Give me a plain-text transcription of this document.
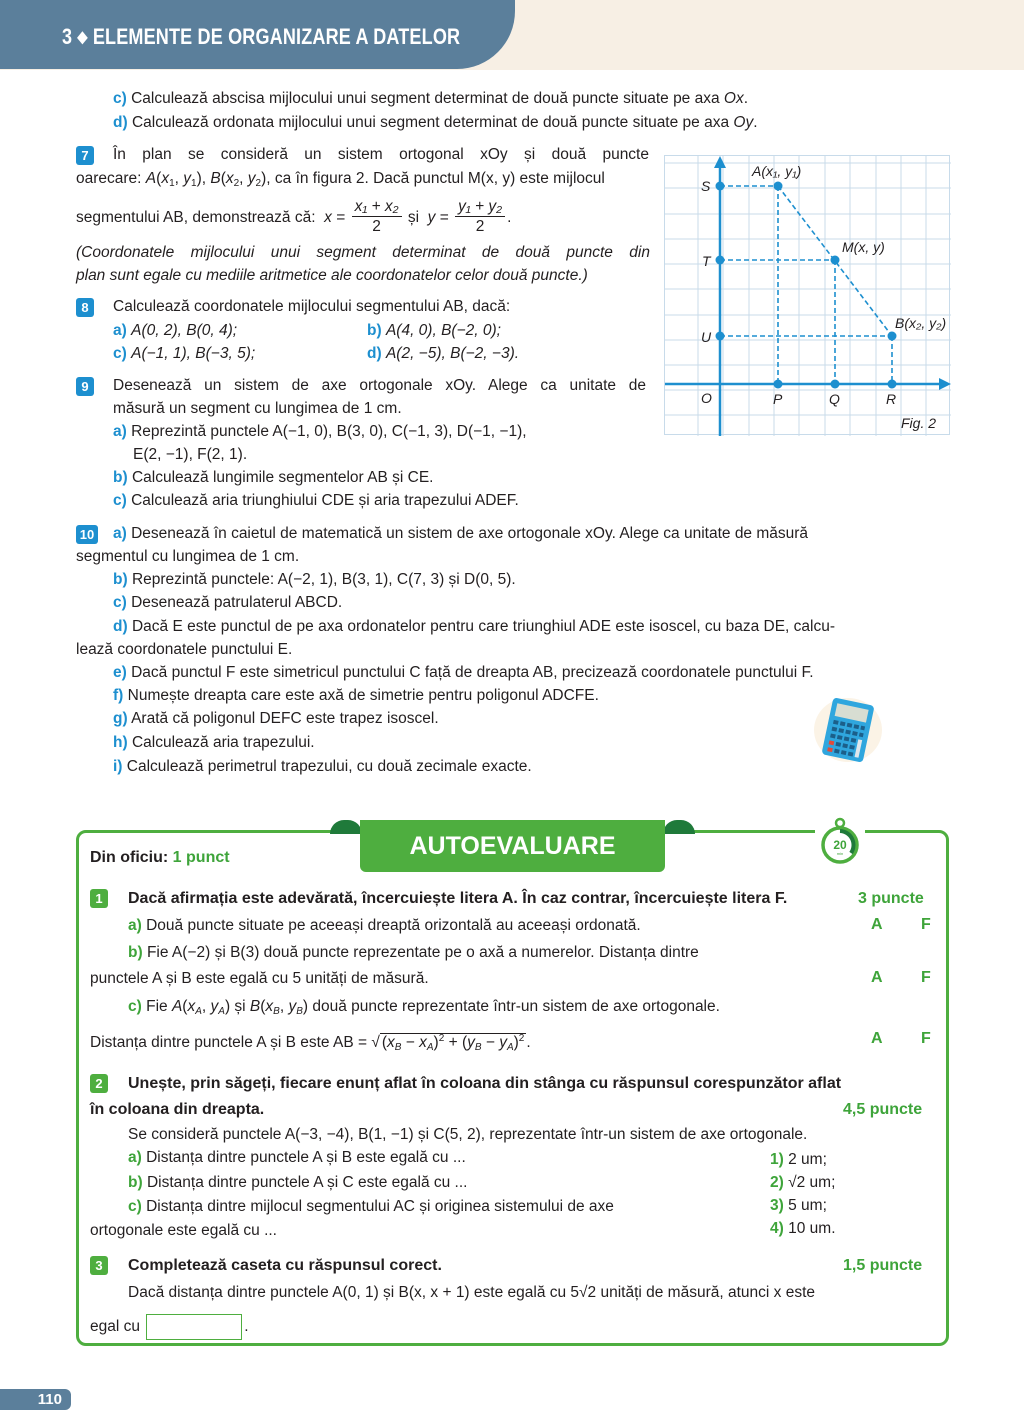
3 ◆ ELEMENTE DE ORGANIZARE A DATELOR
c) Calculează abscisa mijlocului unui segment determinat de două puncte situate pe axa Ox.
d) Calculează ordonata mijlocului unui segment determinat de două puncte situate pe axa Oy.
7	În plan se consideră un sistem ortogonal xOy și două puncte
oarecare: $A(x_1$, $y_1$), $B(x_2$, $y_2$), ca în figura 2. Dacă punctul M(x, y) este mijlocul
segmentului AB, demonstrează că:  $x = \frac{\text{x₁ + x₂}}{2}$ și  $y = \frac{\text{y₁ + y₂}}{2}$ .
(Coordonatele mijlocului unui segment determinat de două puncte din
plan sunt egale cu mediile aritmetice ale coordonatelor celor două puncte.)
S
T
U
O	P	Q	R
A(x₁, y₁)
M(x, y)
B(x₂, y₂)
Fig. 2
8	Calculează coordonatele mijlocului segmentului AB, dacă:
a) A(0, 2), B(0, 4);	b) A(4, 0), B(−2, 0);
c) A(−1, 1), B(−3, 5);	d) A(2, −5), B(−2, −3).
9	Desenează un sistem de axe ortogonale xOy. Alege ca unitate de
măsură un segment cu lungimea de 1 cm.
a) Reprezintă punctele A(−1, 0), B(3, 0), C(−1, 3), D(−1, −1),
E(2, −1), F(2, 1).
b) Calculează lungimile segmentelor AB și CE.
c) Calculează aria triunghiului CDE și aria trapezului ADEF.
10 a) Desenează în caietul de matematică un sistem de axe ortogonale xOy. Alege ca unitate de măsură
segmentul cu lungimea de 1 cm.
b) Reprezintă punctele: A(−2, 1), B(3, 1), C(7, 3) și D(0, 5).
c) Desenează patrulaterul ABCD.
d) Dacă E este punctul de pe axa ordonatelor pentru care triunghiul ADE este isoscel, cu baza DE, calcu-
lează coordonatele punctului E.
e) Dacă punctul F este simetricul punctului C față de dreapta AB, precizează coordonatele punctului F.
f) Numește dreapta care este axă de simetrie pentru poligonul ADCFE.
g) Arată că poligonul DEFC este trapez isoscel.
h) Calculează aria trapezului.
i) Calculează perimetrul trapezului, cu două zecimale exacte.
AUTOEVALUARE
Din oficiu: 1 punct
20
min
1	Dacă afirmația este adevărată, încercuiește litera A. În caz contrar, încercuiește litera F.	3 puncte
a) Două puncte situate pe aceeași dreaptă orizontală au aceeași ordonată.	A F
b) Fie A(−2) și B(3) două puncte reprezentate pe o axă a numerelor. Distanța dintre
punctele A și B este egală cu 5 unități de măsură.	A F
c) Fie $A(x_A$, $y_A$) și $B(x_B$, $y_B$) două puncte reprezentate într-un sistem de axe ortogonale.
Distanța dintre punctele A și B este AB = √ $(x_B - x_A)^2 + (y_B - y_A)^2$ .	A F
2	Unește, prin săgeți, fiecare enunț aflat în coloana din stânga cu răspunsul corespunzător aflat
în coloana din dreapta.	4,5 puncte
Se consideră punctele A(−3, −4), B(1, −1) și C(5, 2), reprezentate într-un sistem de axe ortogonale.
a) Distanța dintre punctele A și B este egală cu ...
b) Distanța dintre punctele A și C este egală cu ...
c) Distanța dintre mijlocul segmentului AC și originea sistemului de axe
ortogonale este egală cu ...
1) 2 um;
2) √2 um;
3) 5 um;
4) 10 um.
3	Completează caseta cu răspunsul corect.	1,5 puncte
Dacă distanța dintre punctele A(0, 1) și B(x, x + 1) este egală cu 5√2 unități de măsură, atunci x este
egal cu	.
110
